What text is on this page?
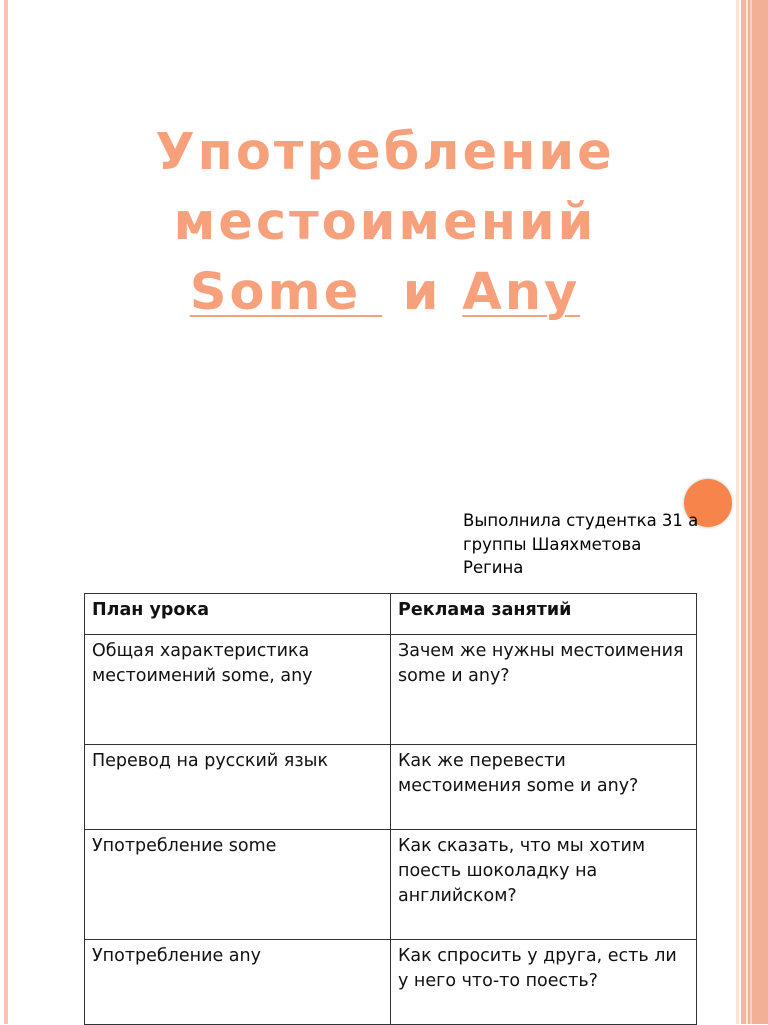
Употребление
местоимений
Some  и Any
Выполнила студентка 31 а
группы Шаяхметова
Регина
План урока	Реклама занятий
Общая характеристика местоимений some, any	Зачем же нужны местоимения some и any?
Перевод на русский язык	Как же перевести местоимения some и any?
Употребление some	Как сказать, что мы хотим поесть шоколадку на английском?
Употребление any	Как спросить у друга, есть ли у него что-то поесть?
